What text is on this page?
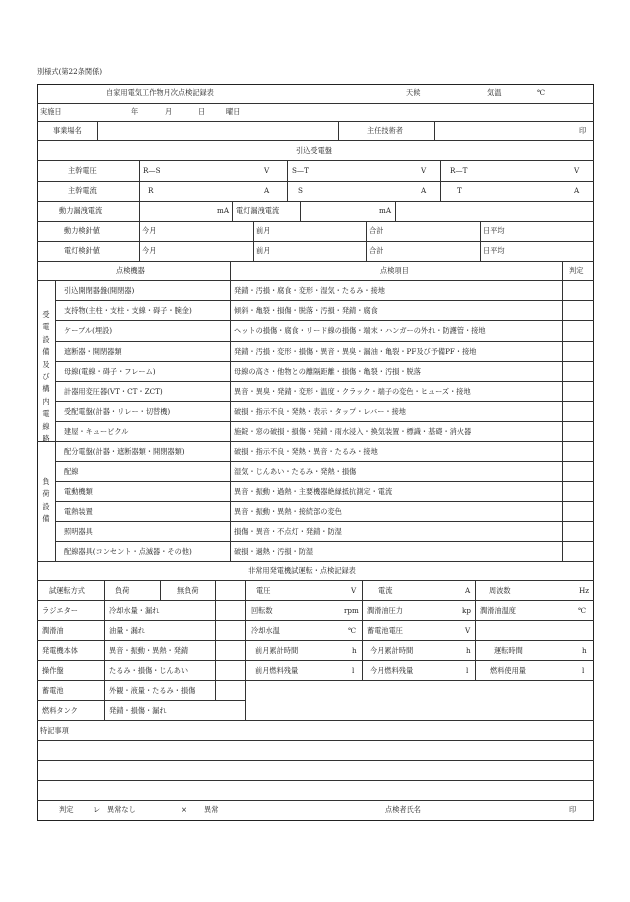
別様式(第22条関係)
自家用電気工作物月次点検記録表	天候	気温	℃
実施日	年	月	日	曜日
事業場名	主任技術者	印
引込受電盤
主幹電圧	R—S	V	S—T	V	R—T	V
主幹電流	R	A	S	A	T	A
動力漏洩電流	mA 電灯漏洩電流	mA
動力検針値	今月	前月	合計	日平均
電灯検針値	今月	前月	合計	日平均
点検機器	点検項目	判定
受電設備及び構内電線路
引込開閉器盤(開閉器)	発錆・汚損・腐食・変形・湿気・たるみ・接地
支持物(主柱・支柱・支線・碍子・腕金)	傾斜・亀裂・損傷・脱落・汚損・発錆・腐食
ケーブル(埋設)	ヘットの損傷・腐食・リード線の損傷・端末・ハンガーの外れ・防護管・接地
遮断器・開閉器類	発錆・汚損・変形・損傷・異音・異臭・漏油・亀裂・PF及び予備PF・接地
母線(電線・碍子・フレーム)	母線の高さ・他物との離隔距離・損傷・亀裂・汚損・脱落
計器用変圧器(VT・CT・ZCT)	異音・異臭・発錆・変形・温度・クラック・端子の変色・ヒューズ・接地
受配電盤(計器・リレー・切替機)	破損・指示不良・発熱・表示・タップ・レバー・接地
建屋・キュービクル	施錠・窓の破損・損傷・発錆・雨水浸入・換気装置・標識・基礎・消火器
負荷設備
配分電盤(計器・遮断器類・開閉器類)	破損・指示不良・発熱・異音・たるみ・接地
配線	湿気・じんあい・たるみ・発熱・損傷
電動機類	異音・振動・過熱・主要機器絶縁抵抗測定・電流
電熱装置	異音・振動・異熱・接続部の変色
照明器具	損傷・異音・不点灯・発錆・防湿
配線器具(コンセント・点滅器・その他)	破損・過熱・汚損・防湿
非常用発電機試運転・点検記録表
試運転方式	負荷	無負荷	電圧	V	電流	A	周波数	Hz
ラジエター	冷却水量・漏れ	回転数	rpm 潤滑油圧力	kp 潤滑油温度	℃
潤滑油	油量・漏れ	冷却水温	℃ 蓄電池電圧	V
発電機本体	異音・振動・異熱・発錆	前月累計時間	h 今月累計時間	h	運転時間	h
操作盤	たるみ・損傷・じんあい	前月燃料残量	l 今月燃料残量	l	燃料使用量	l
蓄電池	外観・液量・たるみ・損傷
燃料タンク	発錆・損傷・漏れ
特記事項
判定	レ 異常なし	× 異常	点検者氏名	印
